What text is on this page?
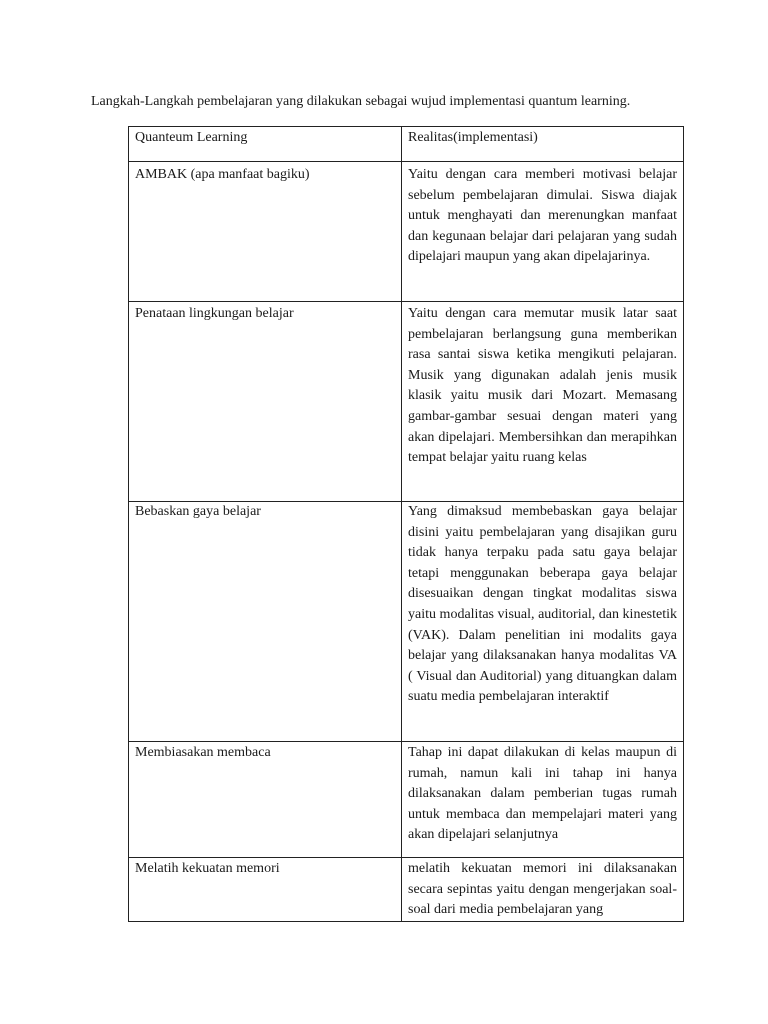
Langkah-Langkah pembelajaran yang dilakukan sebagai wujud implementasi quantum learning.
Quanteum Learning	Realitas(implementasi)
AMBAK (apa manfaat bagiku)	Yaitu dengan cara memberi motivasi belajar sebelum pembelajaran dimulai. Siswa diajak untuk menghayati dan merenungkan manfaat dan kegunaan belajar dari pelajaran yang sudah dipelajari maupun yang akan dipelajarinya.
Penataan lingkungan belajar	Yaitu dengan cara memutar musik latar saat pembelajaran berlangsung guna memberikan rasa santai siswa ketika mengikuti pelajaran. Musik yang digunakan adalah jenis musik klasik yaitu musik dari Mozart. Memasang gambar-gambar sesuai dengan materi yang akan dipelajari. Membersihkan dan merapihkan tempat belajar yaitu ruang kelas
Bebaskan gaya belajar	Yang dimaksud membebaskan gaya belajar disini yaitu pembelajaran yang disajikan guru tidak hanya terpaku pada satu gaya belajar tetapi menggunakan beberapa gaya belajar disesuaikan dengan tingkat modalitas siswa yaitu modalitas visual, auditorial, dan kinestetik (VAK). Dalam penelitian ini modalits gaya belajar yang dilaksanakan hanya modalitas VA ( Visual dan Auditorial) yang dituangkan dalam suatu media pembelajaran interaktif
Membiasakan membaca	Tahap ini dapat dilakukan di kelas maupun di rumah, namun kali ini tahap ini hanya dilaksanakan dalam pemberian tugas rumah untuk membaca dan mempelajari materi yang akan dipelajari selanjutnya
Melatih kekuatan memori	melatih kekuatan memori ini dilaksanakan secara sepintas yaitu dengan mengerjakan soal-soal dari media pembelajaran yang
